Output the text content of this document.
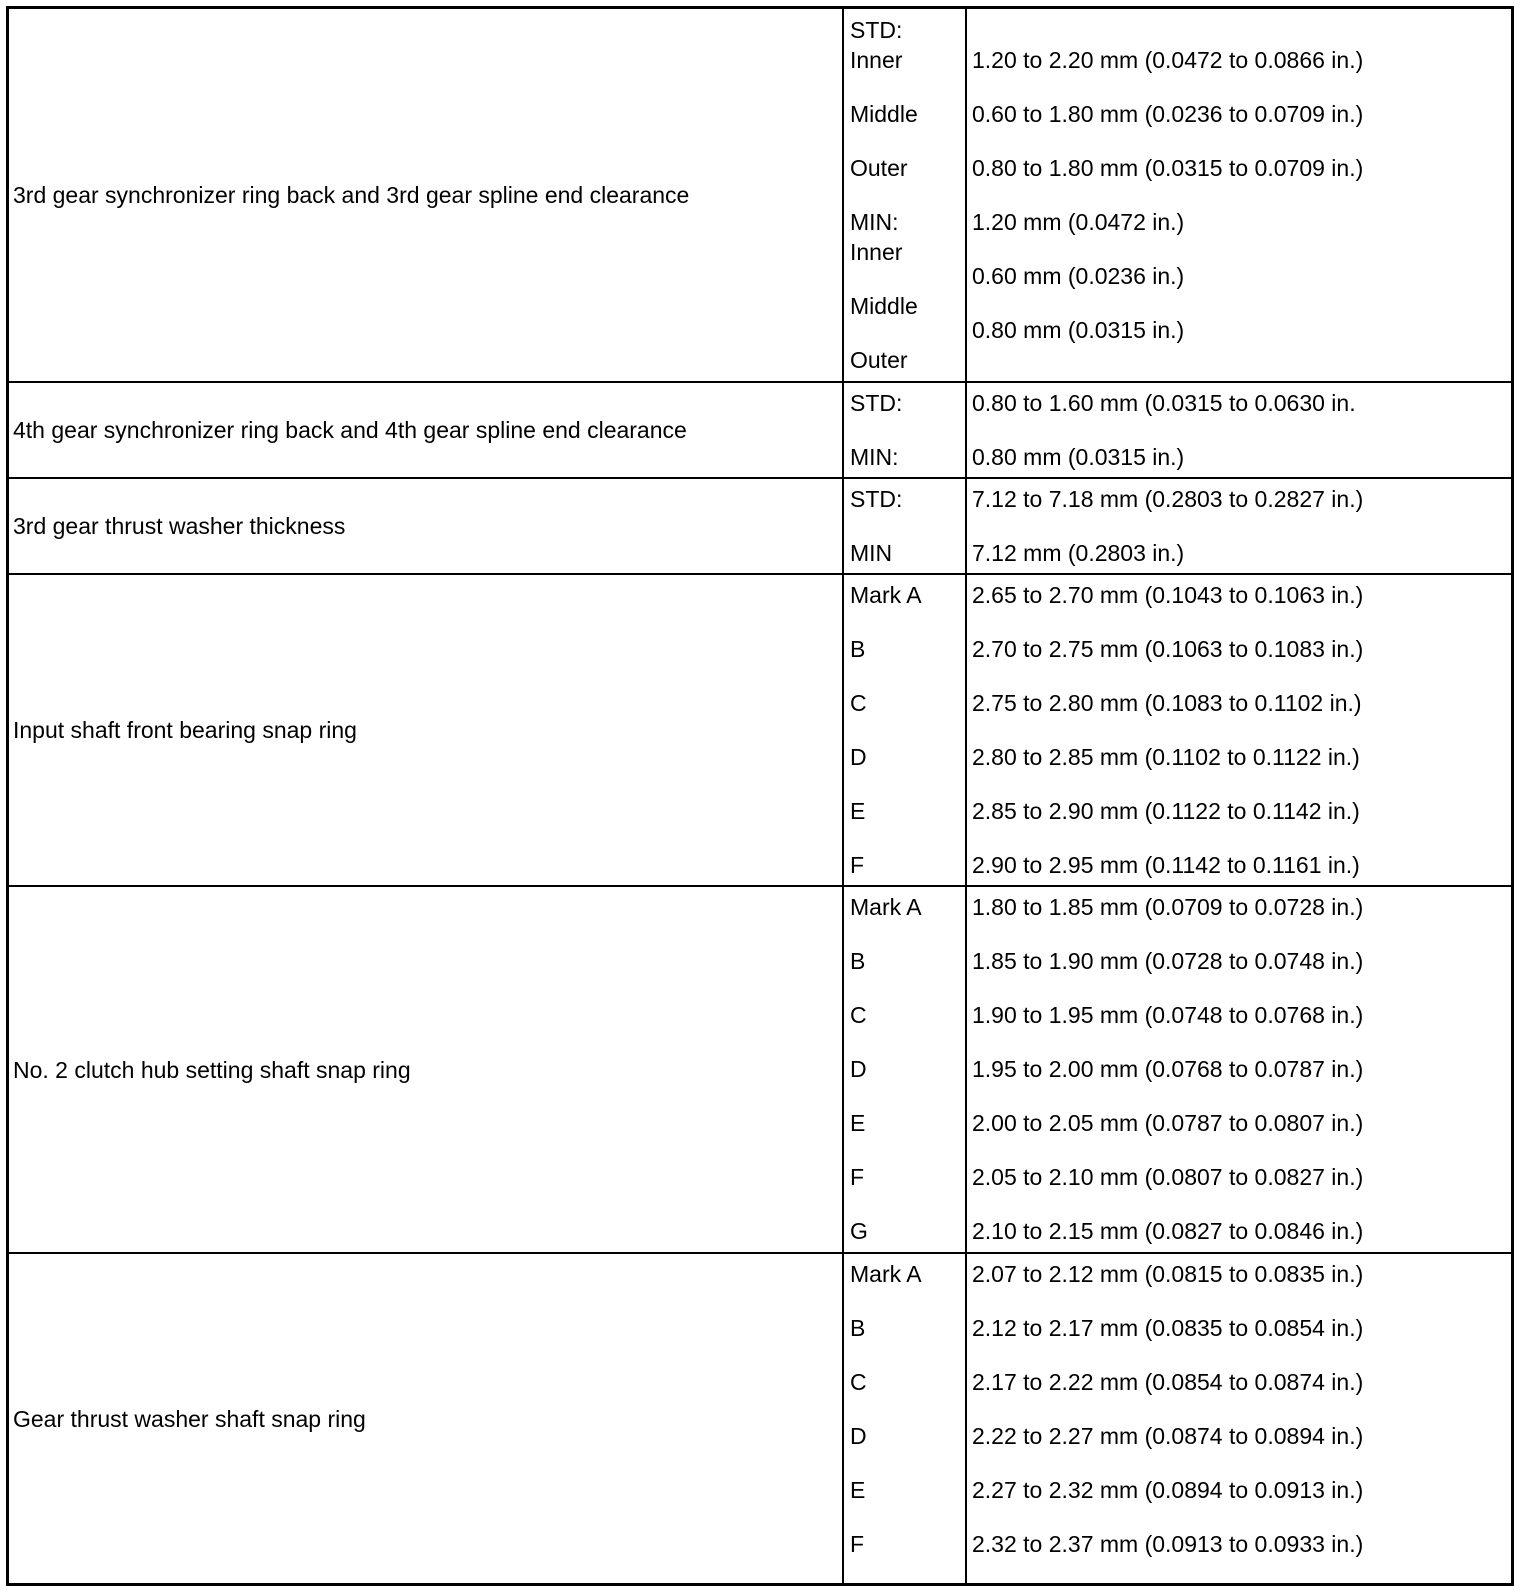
3rd gear synchronizer ring back and 3rd gear spline end clearance
STD:
Inner
Middle
Outer
MIN:
Inner
Middle
Outer
1.20 to 2.20 mm (0.0472 to 0.0866 in.)
0.60 to 1.80 mm (0.0236 to 0.0709 in.)
0.80 to 1.80 mm (0.0315 to 0.0709 in.)
1.20 mm (0.0472 in.)
0.60 mm (0.0236 in.)
0.80 mm (0.0315 in.)
4th gear synchronizer ring back and 4th gear spline end clearance
STD:
MIN:
0.80 to 1.60 mm (0.0315 to 0.0630 in.
0.80 mm (0.0315 in.)
3rd gear thrust washer thickness
STD:
MIN
7.12 to 7.18 mm (0.2803 to 0.2827 in.)
7.12 mm (0.2803 in.)
Input shaft front bearing snap ring
Mark A
B
C
D
E
F
2.65 to 2.70 mm (0.1043 to 0.1063 in.)
2.70 to 2.75 mm (0.1063 to 0.1083 in.)
2.75 to 2.80 mm (0.1083 to 0.1102 in.)
2.80 to 2.85 mm (0.1102 to 0.1122 in.)
2.85 to 2.90 mm (0.1122 to 0.1142 in.)
2.90 to 2.95 mm (0.1142 to 0.1161 in.)
No. 2 clutch hub setting shaft snap ring
Mark A
B
C
D
E
F
G
1.80 to 1.85 mm (0.0709 to 0.0728 in.)
1.85 to 1.90 mm (0.0728 to 0.0748 in.)
1.90 to 1.95 mm (0.0748 to 0.0768 in.)
1.95 to 2.00 mm (0.0768 to 0.0787 in.)
2.00 to 2.05 mm (0.0787 to 0.0807 in.)
2.05 to 2.10 mm (0.0807 to 0.0827 in.)
2.10 to 2.15 mm (0.0827 to 0.0846 in.)
Gear thrust washer shaft snap ring
Mark A
B
C
D
E
F
2.07 to 2.12 mm (0.0815 to 0.0835 in.)
2.12 to 2.17 mm (0.0835 to 0.0854 in.)
2.17 to 2.22 mm (0.0854 to 0.0874 in.)
2.22 to 2.27 mm (0.0874 to 0.0894 in.)
2.27 to 2.32 mm (0.0894 to 0.0913 in.)
2.32 to 2.37 mm (0.0913 to 0.0933 in.)
